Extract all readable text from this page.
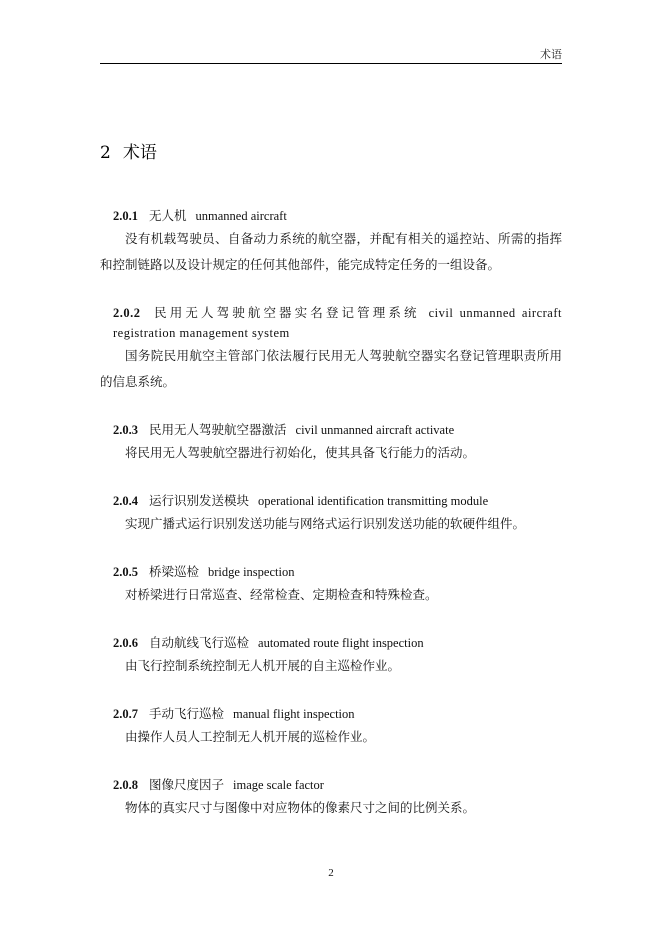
术语
2 术语
2.0.1 无人机 unmanned aircraft

没有机载驾驶员、自备动力系统的航空器，并配有相关的遥控站、所需的指挥和控制链路以及设计规定的任何其他部件，能完成特定任务的一组设备。

2.0.2 民用无人驾驶航空器实名登记管理系统 civil unmanned aircraft registration management system

国务院民用航空主管部门依法履行民用无人驾驶航空器实名登记管理职责所用的信息系统。

2.0.3 民用无人驾驶航空器激活 civil unmanned aircraft activate

将民用无人驾驶航空器进行初始化，使其具备飞行能力的活动。

2.0.4 运行识别发送模块 operational identification transmitting module

实现广播式运行识别发送功能与网络式运行识别发送功能的软硬件组件。

2.0.5 桥梁巡检 bridge inspection

对桥梁进行日常巡查、经常检查、定期检查和特殊检查。

2.0.6 自动航线飞行巡检 automated route flight inspection

由飞行控制系统控制无人机开展的自主巡检作业。

2.0.7 手动飞行巡检 manual flight inspection

由操作人员人工控制无人机开展的巡检作业。

2.0.8 图像尺度因子 image scale factor

物体的真实尺寸与图像中对应物体的像素尺寸之间的比例关系。

2
